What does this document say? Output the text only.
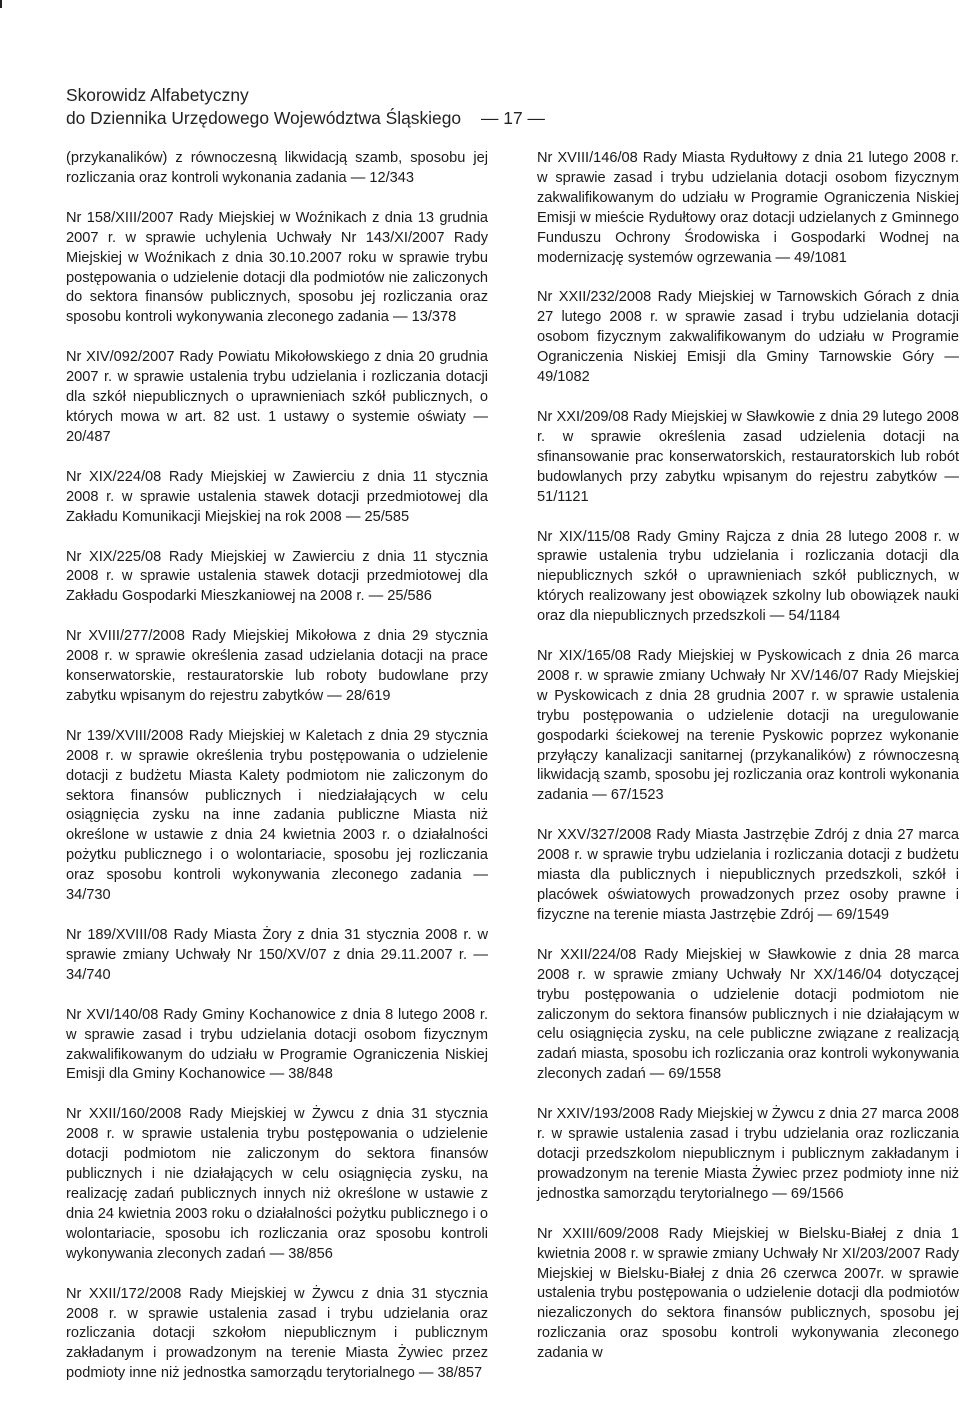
Skorowidz Alfabetyczny
do Dziennika Urzędowego Województwa Śląskiego — 17 —

(przykanalików) z równoczesną likwidacją szamb, sposobu jej rozliczania oraz kontroli wykonania zadania — 12/343

Nr 158/XIII/2007 Rady Miejskiej w Woźnikach z dnia 13 grudnia 2007 r. w sprawie uchylenia Uchwały Nr 143/XI/2007 Rady Miejskiej w Woźnikach z dnia 30.10.2007 roku w sprawie trybu postępowania o udzielenie dotacji dla podmiotów nie zaliczonych do sektora finansów publicznych, sposobu jej rozliczania oraz sposobu kontroli wykonywania zleconego zadania — 13/378

Nr XIV/092/2007 Rady Powiatu Mikołowskiego z dnia 20 grudnia 2007 r. w sprawie ustalenia trybu udzielania i rozliczania dotacji dla szkół niepublicznych o uprawnieniach szkół publicznych, o których mowa w art. 82 ust. 1 ustawy o systemie oświaty — 20/487

Nr XIX/224/08 Rady Miejskiej w Zawierciu z dnia 11 stycznia 2008 r. w sprawie ustalenia stawek dotacji przedmiotowej dla Zakładu Komunikacji Miejskiej na rok 2008 — 25/585

Nr XIX/225/08 Rady Miejskiej w Zawierciu z dnia 11 stycznia 2008 r. w sprawie ustalenia stawek dotacji przedmiotowej dla Zakładu Gospodarki Mieszkaniowej na 2008 r. — 25/586

Nr XVIII/277/2008 Rady Miejskiej Mikołowa z dnia 29 stycznia 2008 r. w sprawie określenia zasad udzielania dotacji na prace konserwatorskie, restauratorskie lub roboty budowlane przy zabytku wpisanym do rejestru zabytków — 28/619

Nr 139/XVIII/2008 Rady Miejskiej w Kaletach z dnia 29 stycznia 2008 r. w sprawie określenia trybu postępowania o udzielenie dotacji z budżetu Miasta Kalety podmiotom nie zaliczonym do sektora finansów publicznych i niedziałających w celu osiągnięcia zysku na inne zadania publiczne Miasta niż określone w ustawie z dnia 24 kwietnia 2003 r. o działalności pożytku publicznego i o wolontariacie, sposobu jej rozliczania oraz sposobu kontroli wykonywania zleconego zadania — 34/730

Nr 189/XVIII/08 Rady Miasta Żory z dnia 31 stycznia 2008 r. w sprawie zmiany Uchwały Nr 150/XV/07 z dnia 29.11.2007 r. — 34/740

Nr XVI/140/08 Rady Gminy Kochanowice z dnia 8 lutego 2008 r. w sprawie zasad i trybu udzielania dotacji osobom fizycznym zakwalifikowanym do udziału w Programie Ograniczenia Niskiej Emisji dla Gminy Kochanowice — 38/848

Nr XXII/160/2008 Rady Miejskiej w Żywcu z dnia 31 stycznia 2008 r. w sprawie ustalenia trybu postępowania o udzielenie dotacji podmiotom nie zaliczonym do sektora finansów publicznych i nie działających w celu osiągnięcia zysku, na realizację zadań publicznych innych niż określone w ustawie z dnia 24 kwietnia 2003 roku o działalności pożytku publicznego i o wolontariacie, sposobu ich rozliczania oraz sposobu kontroli wykonywania zleconych zadań — 38/856

Nr XXII/172/2008 Rady Miejskiej w Żywcu z dnia 31 stycznia 2008 r. w sprawie ustalenia zasad i trybu udzielania oraz rozliczania dotacji szkołom niepublicznym i publicznym zakładanym i prowadzonym na terenie Miasta Żywiec przez podmioty inne niż jednostka samorządu terytorialnego — 38/857

Nr XVIII/146/08 Rady Miasta Rydułtowy z dnia 21 lutego 2008 r. w sprawie zasad i trybu udzielania dotacji osobom fizycznym zakwalifikowanym do udziału w Programie Ograniczenia Niskiej Emisji w mieście Rydułtowy oraz dotacji udzielanych z Gminnego Funduszu Ochrony Środowiska i Gospodarki Wodnej na modernizację systemów ogrzewania — 49/1081

Nr XXII/232/2008 Rady Miejskiej w Tarnowskich Górach z dnia 27 lutego 2008 r. w sprawie zasad i trybu udzielania dotacji osobom fizycznym zakwalifikowanym do udziału w Programie Ograniczenia Niskiej Emisji dla Gminy Tarnowskie Góry — 49/1082

Nr XXI/209/08 Rady Miejskiej w Sławkowie z dnia 29 lutego 2008 r. w sprawie określenia zasad udzielenia dotacji na sfinansowanie prac konserwatorskich, restauratorskich lub robót budowlanych przy zabytku wpisanym do rejestru zabytków — 51/1121

Nr XIX/115/08 Rady Gminy Rajcza z dnia 28 lutego 2008 r. w sprawie ustalenia trybu udzielania i rozliczania dotacji dla niepublicznych szkół o uprawnieniach szkół publicznych, w których realizowany jest obowiązek szkolny lub obowiązek nauki oraz dla niepublicznych przedszkoli — 54/1184

Nr XIX/165/08 Rady Miejskiej w Pyskowicach z dnia 26 marca 2008 r. w sprawie zmiany Uchwały Nr XV/146/07 Rady Miejskiej w Pyskowicach z dnia 28 grudnia 2007 r. w sprawie ustalenia trybu postępowania o udzielenie dotacji na uregulowanie gospodarki ściekowej na terenie Pyskowic poprzez wykonanie przyłączy kanalizacji sanitarnej (przykanalików) z równoczesną likwidacją szamb, sposobu jej rozliczania oraz kontroli wykonania zadania — 67/1523

Nr XXV/327/2008 Rady Miasta Jastrzębie Zdrój z dnia 27 marca 2008 r. w sprawie trybu udzielania i rozliczania dotacji z budżetu miasta dla publicznych i niepublicznych przedszkoli, szkół i placówek oświatowych prowadzonych przez osoby prawne i fizyczne na terenie miasta Jastrzębie Zdrój — 69/1549

Nr XXII/224/08 Rady Miejskiej w Sławkowie z dnia 28 marca 2008 r. w sprawie zmiany Uchwały Nr XX/146/04 dotyczącej trybu postępowania o udzielenie dotacji podmiotom nie zaliczonym do sektora finansów publicznych i nie działającym w celu osiągnięcia zysku, na cele publiczne związane z realizacją zadań miasta, sposobu ich rozliczania oraz kontroli wykonywania zleconych zadań — 69/1558

Nr XXIV/193/2008 Rady Miejskiej w Żywcu z dnia 27 marca 2008 r. w sprawie ustalenia zasad i trybu udzielania oraz rozliczania dotacji przedszkolom niepublicznym i publicznym zakładanym i prowadzonym na terenie Miasta Żywiec przez podmioty inne niż jednostka samorządu terytorialnego — 69/1566

Nr XXIII/609/2008 Rady Miejskiej w Bielsku-Białej z dnia 1 kwietnia 2008 r. w sprawie zmiany Uchwały Nr XI/203/2007 Rady Miejskiej w Bielsku-Białej z dnia 26 czerwca 2007r. w sprawie ustalenia trybu postępowania o udzielenie dotacji dla podmiotów niezaliczonych do sektora finansów publicznych, sposobu jej rozliczania oraz sposobu kontroli wykonywania zleconego zadania w
